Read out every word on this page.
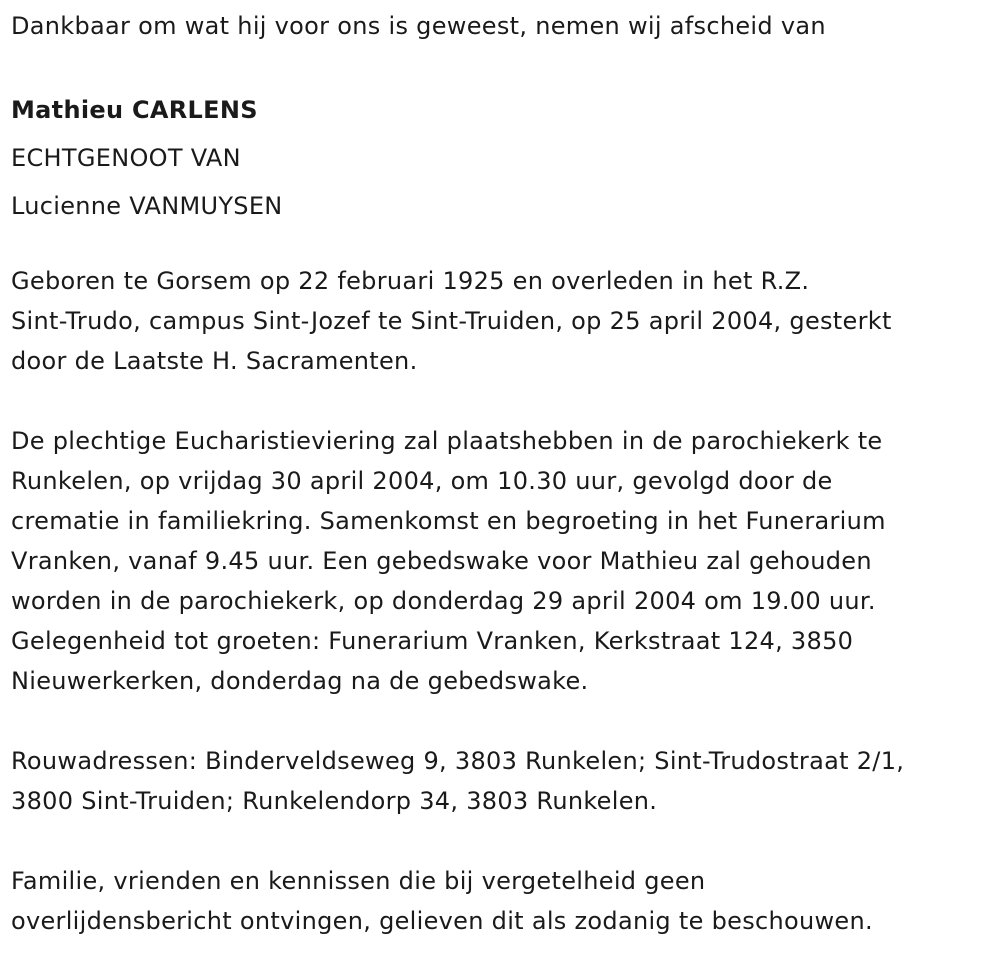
Dankbaar om wat hij voor ons is geweest, nemen wij afscheid van
Mathieu CARLENS
ECHTGENOOT VAN
Lucienne VANMUYSEN
Geboren te Gorsem op 22 februari 1925 en overleden in het R.Z.
Sint-Trudo, campus Sint-Jozef te Sint-Truiden, op 25 april 2004, gesterkt
door de Laatste H. Sacramenten.
De plechtige Eucharistieviering zal plaatshebben in de parochiekerk te
Runkelen, op vrijdag 30 april 2004, om 10.30 uur, gevolgd door de
crematie in familiekring. Samenkomst en begroeting in het Funerarium
Vranken, vanaf 9.45 uur. Een gebedswake voor Mathieu zal gehouden
worden in de parochiekerk, op donderdag 29 april 2004 om 19.00 uur.
Gelegenheid tot groeten: Funerarium Vranken, Kerkstraat 124, 3850
Nieuwerkerken, donderdag na de gebedswake.
Rouwadressen: Binderveldseweg 9, 3803 Runkelen; Sint-Trudostraat 2/1,
3800 Sint-Truiden; Runkelendorp 34, 3803 Runkelen.
Familie, vrienden en kennissen die bij vergetelheid geen
overlijdensbericht ontvingen, gelieven dit als zodanig te beschouwen.
